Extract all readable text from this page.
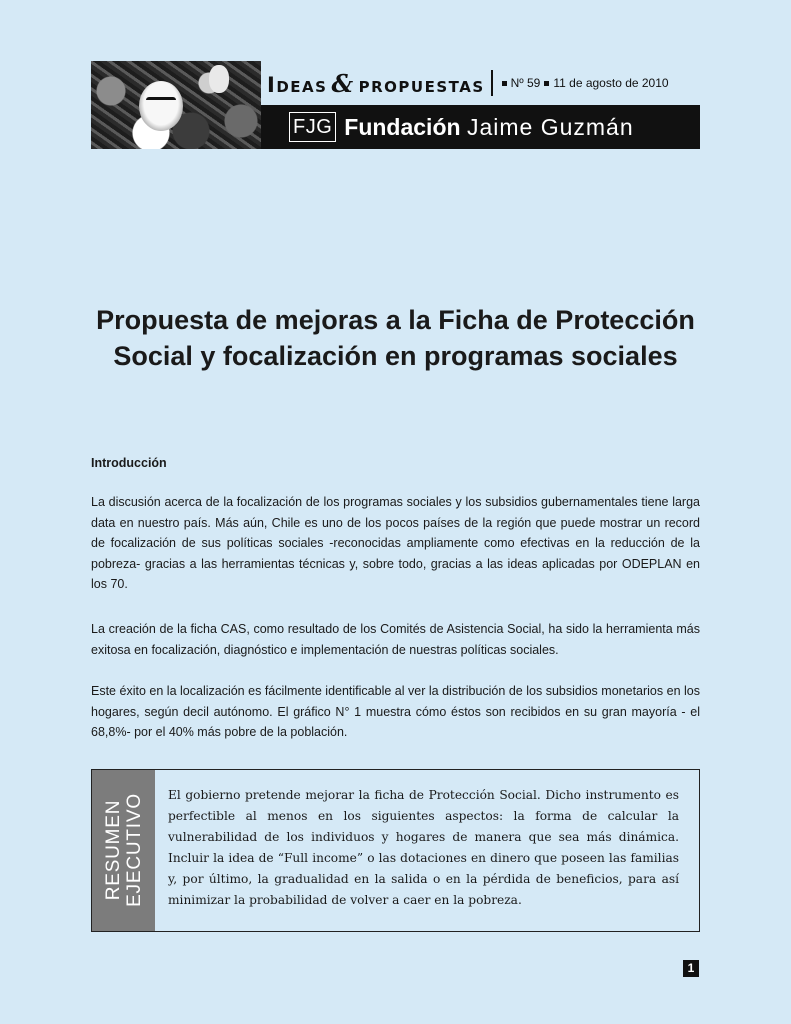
IDEAS & PROPUESTAS Nº 59 11 de agosto de 2010
FJG Fundación Jaime Guzmán
Propuesta de mejoras a la Ficha de Protección
Social y focalización en programas sociales
Introducción

La discusión acerca de la focalización de los programas sociales y los subsidios gubernamentales tiene larga data en nuestro país. Más aún, Chile es uno de los pocos países de la región que puede mostrar un record de focalización de sus políticas sociales -reconocidas ampliamente como efectivas en la reducción de la pobreza- gracias a las herramientas técnicas y, sobre todo, gracias a las ideas aplicadas por ODEPLAN en los 70.

La creación de la ficha CAS, como resultado de los Comités de Asistencia Social, ha sido la herramienta más exitosa en focalización, diagnóstico e implementación de nuestras políticas sociales.

Este éxito en la localización es fácilmente identificable al ver la distribución de los subsidios monetarios en los hogares, según decil autónomo. El gráfico N° 1 muestra cómo éstos son recibidos en su gran mayoría - el 68,8%- por el 40% más pobre de la población.

RESUMEN EJECUTIVO El gobierno pretende mejorar la ficha de Protección Social. Dicho instrumento es perfectible al menos en los siguientes aspectos: la forma de calcular la vulnerabilidad de los individuos y hogares de manera que sea más dinámica. Incluir la idea de “Full income” o las dotaciones en dinero que poseen las familias y, por último, la gradualidad en la salida o en la pérdida de beneficios, para así minimizar la probabilidad de volver a caer en la pobreza.

1
